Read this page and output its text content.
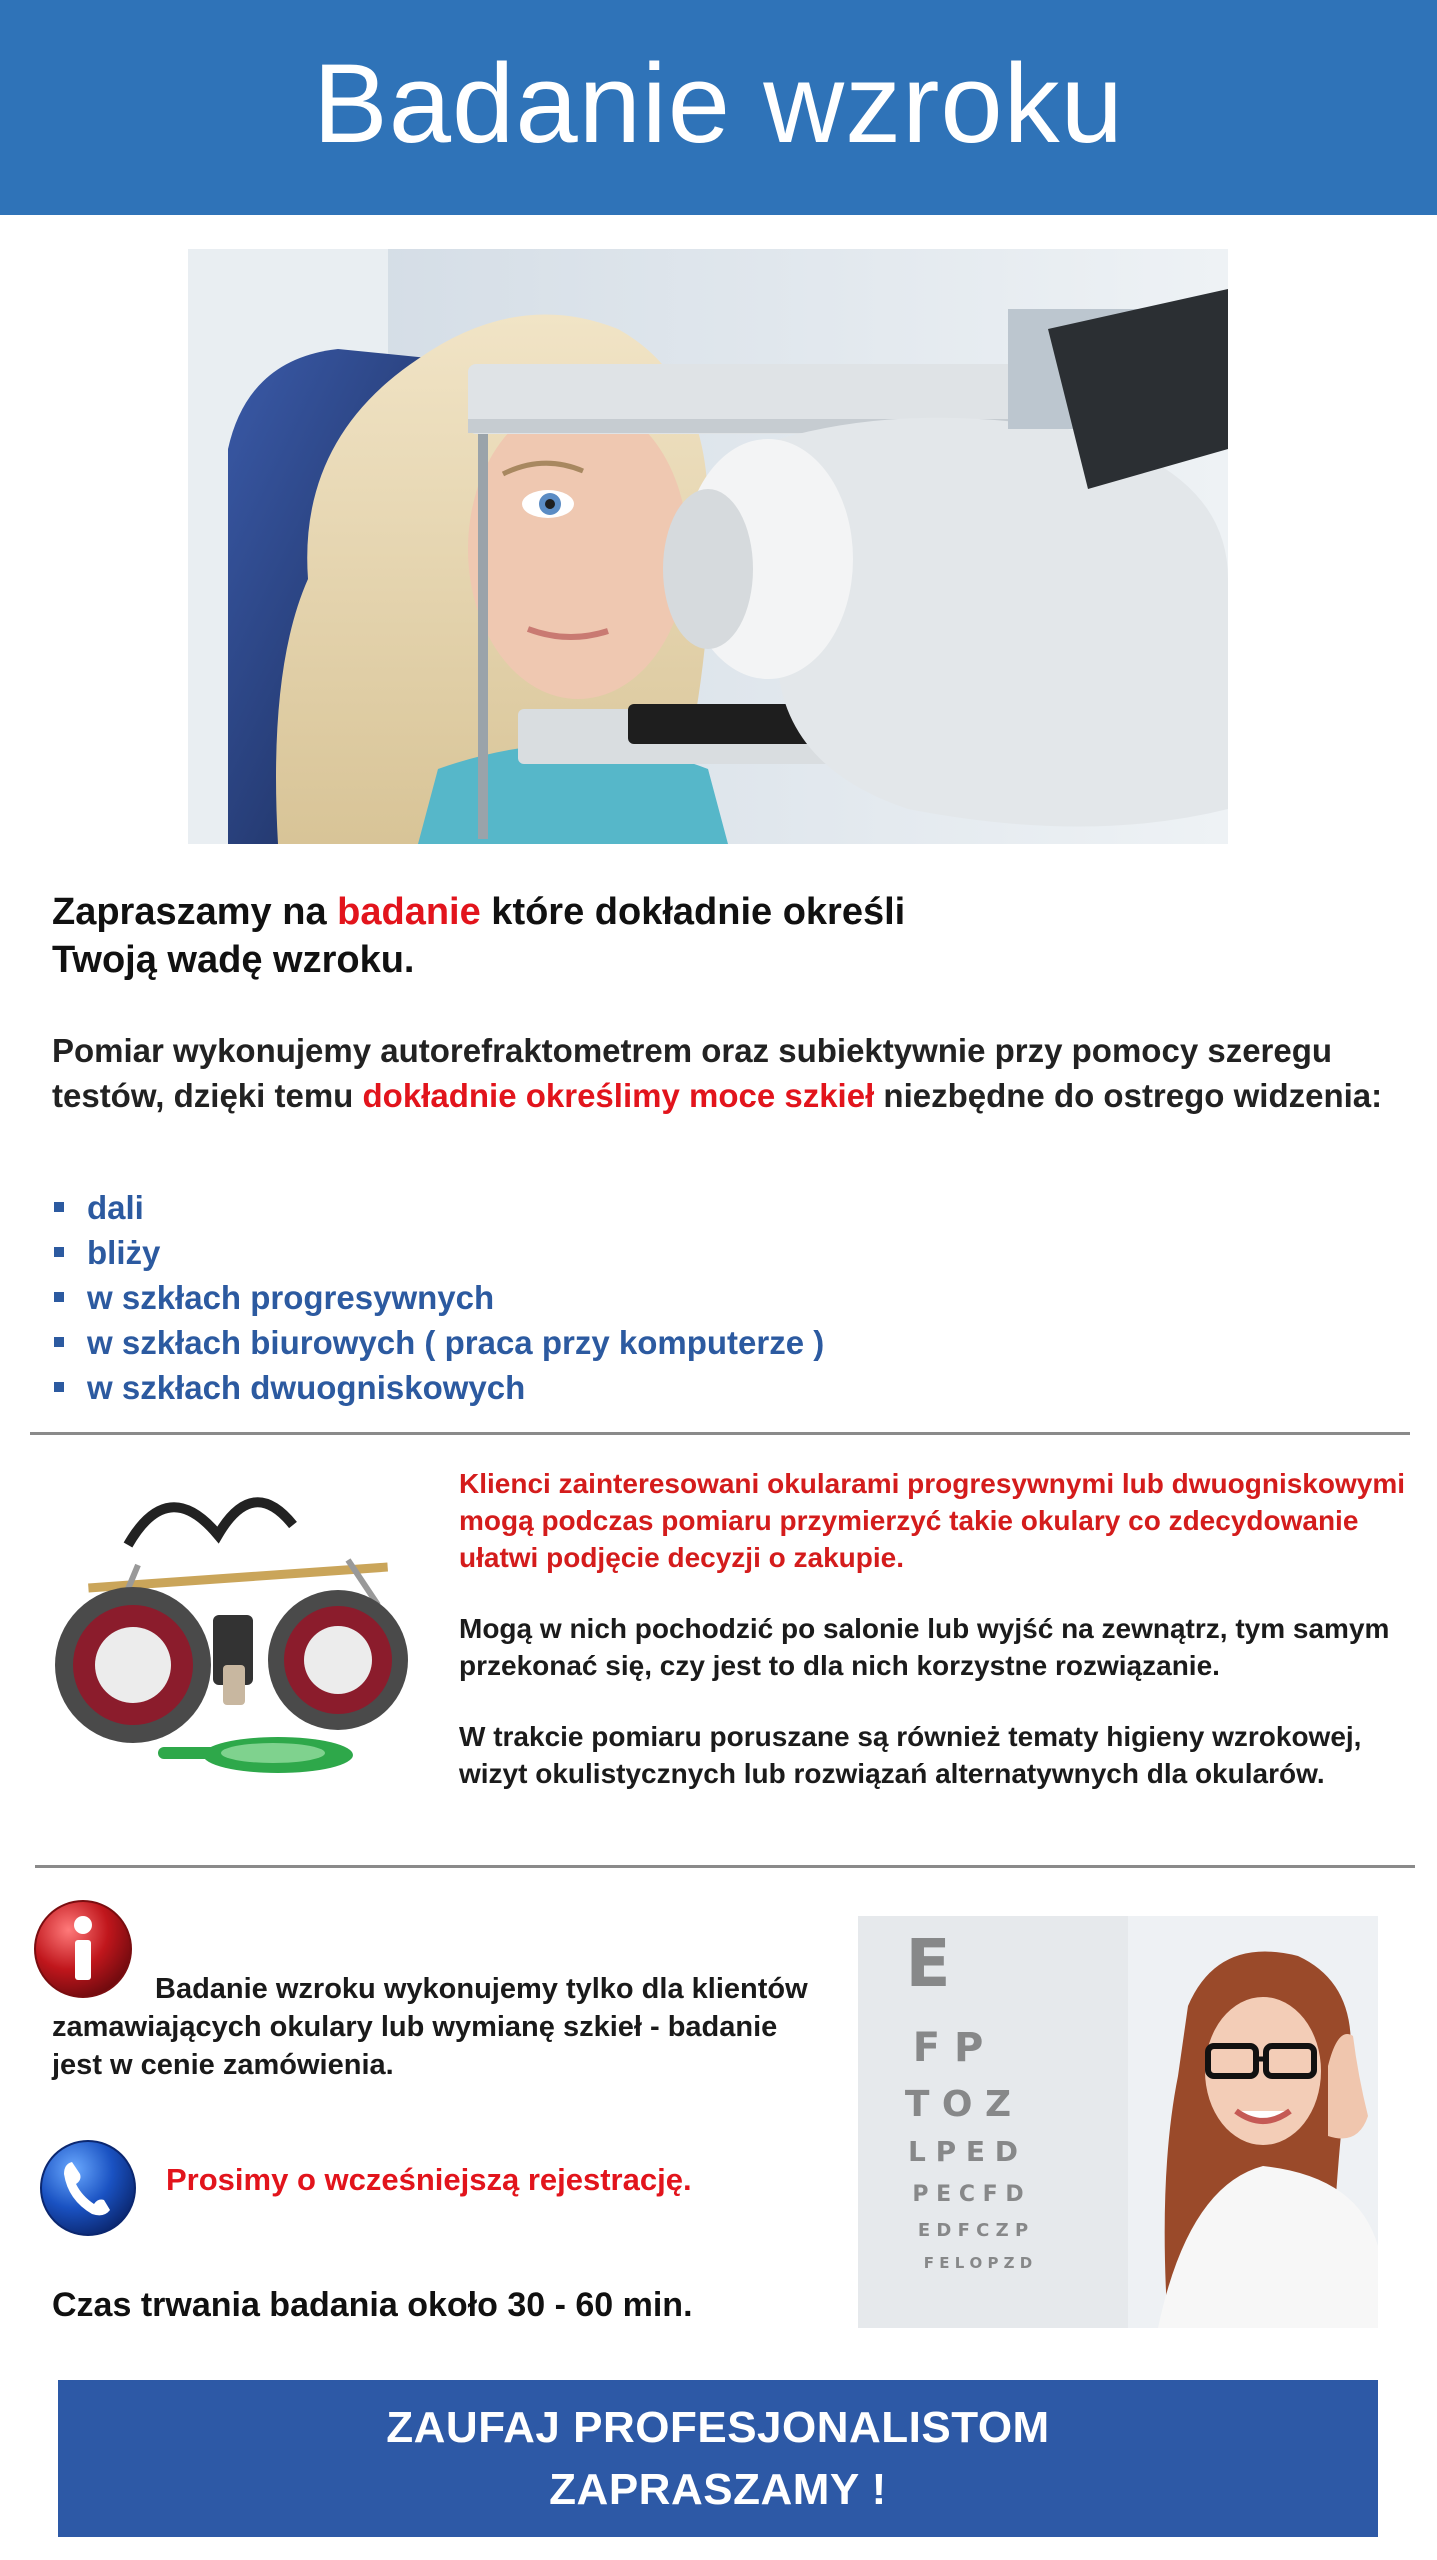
Badanie wzroku
Zapraszamy na badanie które dokładnie określi
Twoją wadę wzroku.
Pomiar wykonujemy autorefraktometrem oraz subiektywnie przy pomocy szeregu testów, dzięki temu dokładnie określimy moce szkieł niezbędne do ostrego widzenia:
dali
bliży
w szkłach progresywnych
w szkłach biurowych ( praca przy komputerze )
w szkłach dwuogniskowych
Klienci zainteresowani okularami progresywnymi lub dwuogniskowymi mogą podczas pomiaru przymierzyć takie okulary co zdecydowanie ułatwi podjęcie decyzji o zakupie.
Mogą w nich pochodzić po salonie lub wyjść na zewnątrz, tym samym przekonać się, czy jest to dla nich korzystne rozwiązanie.
W trakcie pomiaru poruszane są również tematy higieny wzrokowej, wizyt okulistycznych lub rozwiązań alternatywnych dla okularów.
Badanie wzroku wykonujemy tylko dla klientów zamawiających okulary lub wymianę szkieł - badanie jest w cenie zamówienia.
Prosimy o wcześniejszą rejestrację.
Czas trwania badania około 30 - 60 min.
E
F P
T O Z
L P E D
P E C F D
E D F C Z P
F E L O P Z D
ZAUFAJ PROFESJONALISTOM
ZAPRASZAMY !
